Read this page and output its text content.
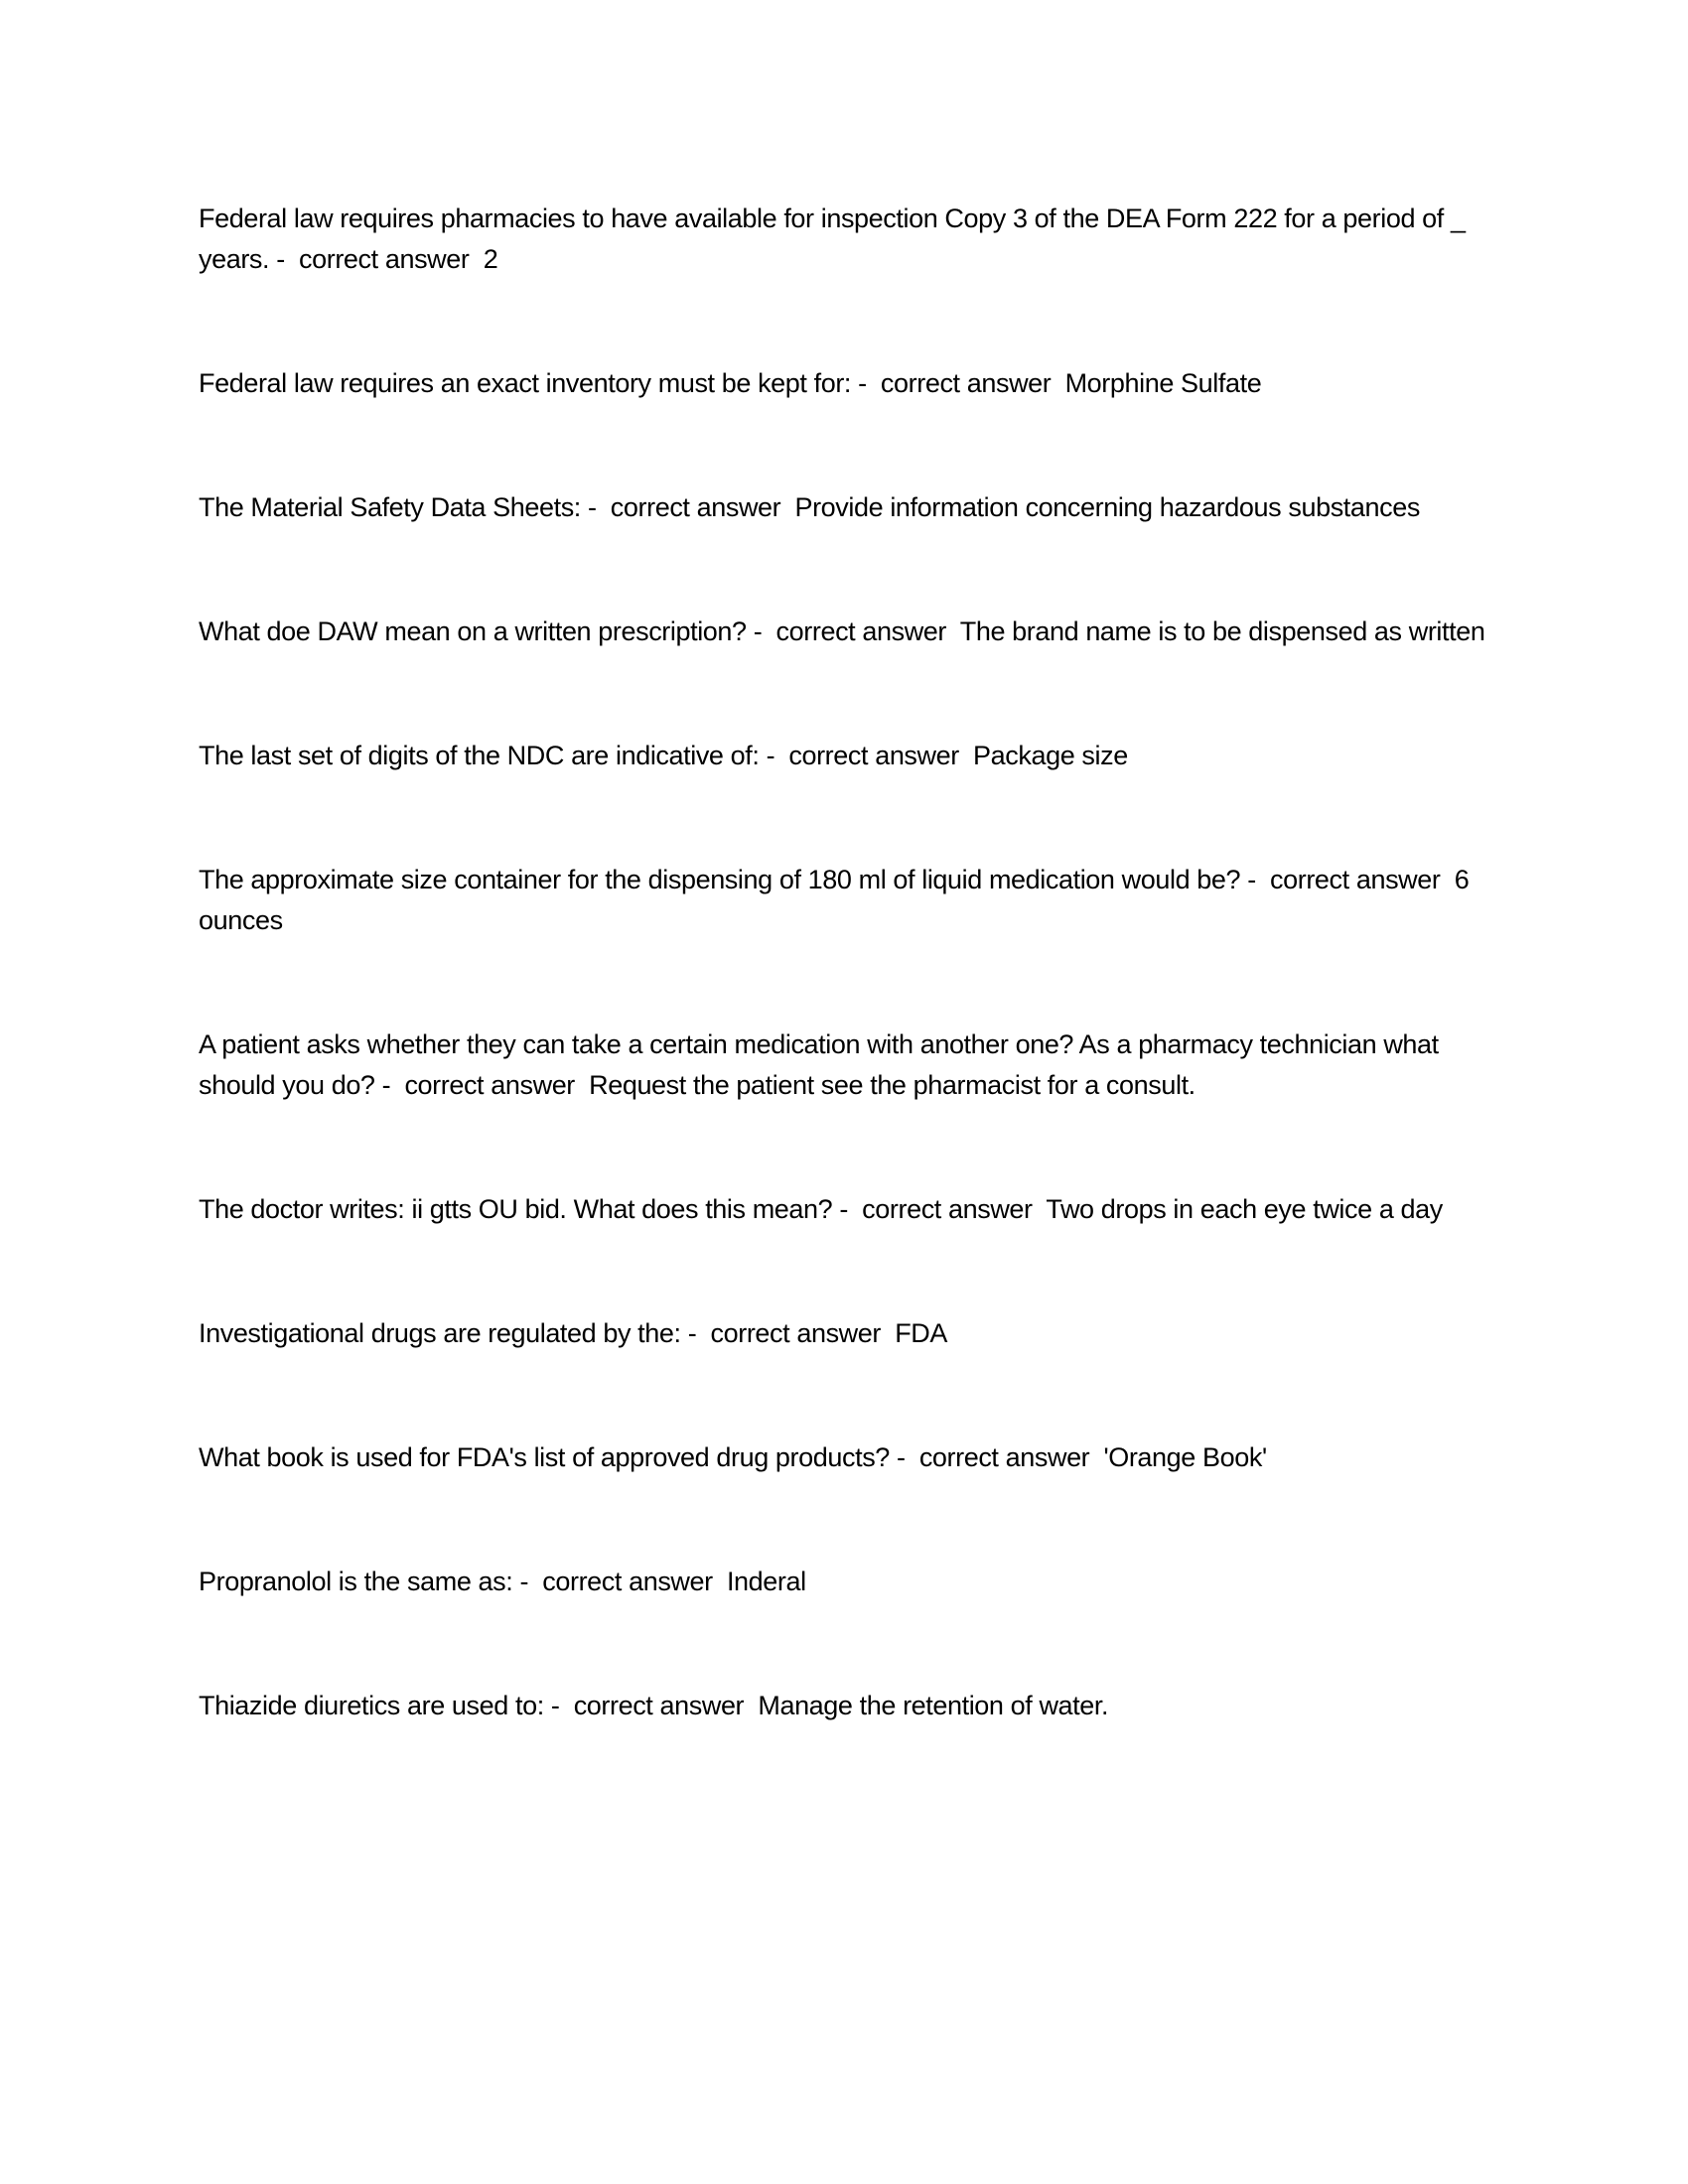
Federal law requires pharmacies to have available for inspection Copy 3 of the DEA Form 222 for a period of _ years. -  correct answer  2

Federal law requires an exact inventory must be kept for: -  correct answer  Morphine Sulfate

The Material Safety Data Sheets: -  correct answer  Provide information concerning hazardous substances

What doe DAW mean on a written prescription? -  correct answer  The brand name is to be dispensed as written

The last set of digits of the NDC are indicative of: -  correct answer  Package size

The approximate size container for the dispensing of 180 ml of liquid medication would be? -  correct answer  6 ounces

A patient asks whether they can take a certain medication with another one? As a pharmacy technician what should you do? -  correct answer  Request the patient see the pharmacist for a consult.

The doctor writes: ii gtts OU bid. What does this mean? -  correct answer  Two drops in each eye twice a day

Investigational drugs are regulated by the: -  correct answer  FDA

What book is used for FDA's list of approved drug products? -  correct answer  'Orange Book'

Propranolol is the same as: -  correct answer  Inderal

Thiazide diuretics are used to: -  correct answer  Manage the retention of water.
